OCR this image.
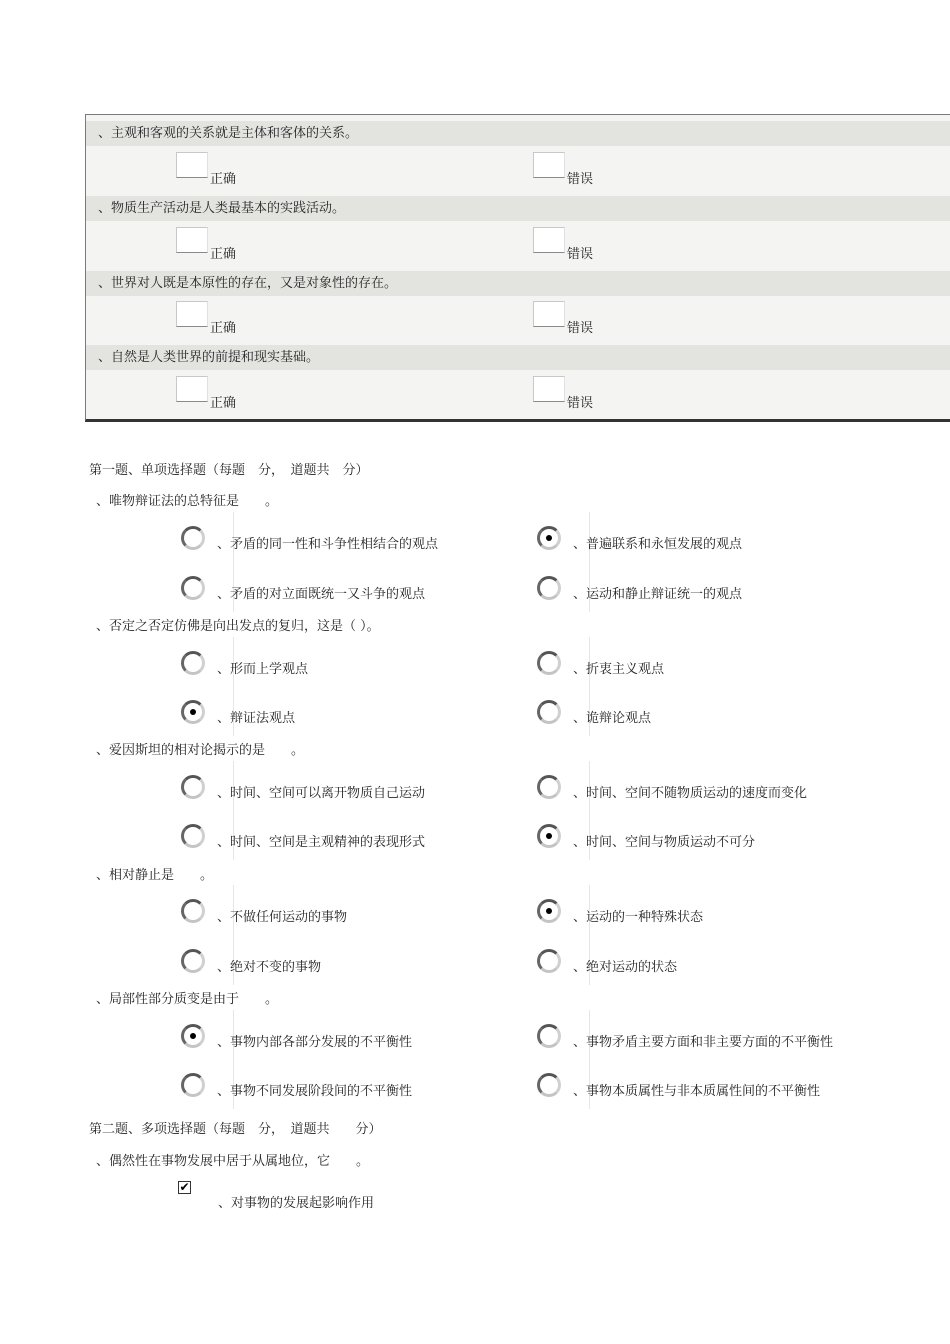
、主观和客观的关系就是主体和客体的关系。
正确	错误
、物质生产活动是人类最基本的实践活动。
正确	错误
、世界对人既是本原性的存在，又是对象性的存在。
正确	错误
、自然是人类世界的前提和现实基础。
正确	错误
第一题、单项选择题（每题　分，　道题共　分）
、唯物辩证法的总特征是　　。
、矛盾的同一性和斗争性相结合的观点	、普遍联系和永恒发展的观点
、矛盾的对立面既统一又斗争的观点	、运动和静止辩证统一的观点
、否定之否定仿佛是向出发点的复归，这是（ ）。
、形而上学观点	、折衷主义观点
、辩证法观点	、诡辩论观点
、爱因斯坦的相对论揭示的是　　。
、时间、空间可以离开物质自己运动	、时间、空间不随物质运动的速度而变化
、时间、空间是主观精神的表现形式	、时间、空间与物质运动不可分
、相对静止是　　。
、不做任何运动的事物	、运动的一种特殊状态
、绝对不变的事物	、绝对运动的状态
、局部性部分质变是由于　　。
、事物内部各部分发展的不平衡性	、事物矛盾主要方面和非主要方面的不平衡性
、事物不同发展阶段间的不平衡性	、事物本质属性与非本质属性间的不平衡性
第二题、多项选择题（每题　分，　道题共　　分）
、偶然性在事物发展中居于从属地位，它　　。
✔
、对事物的发展起影响作用
